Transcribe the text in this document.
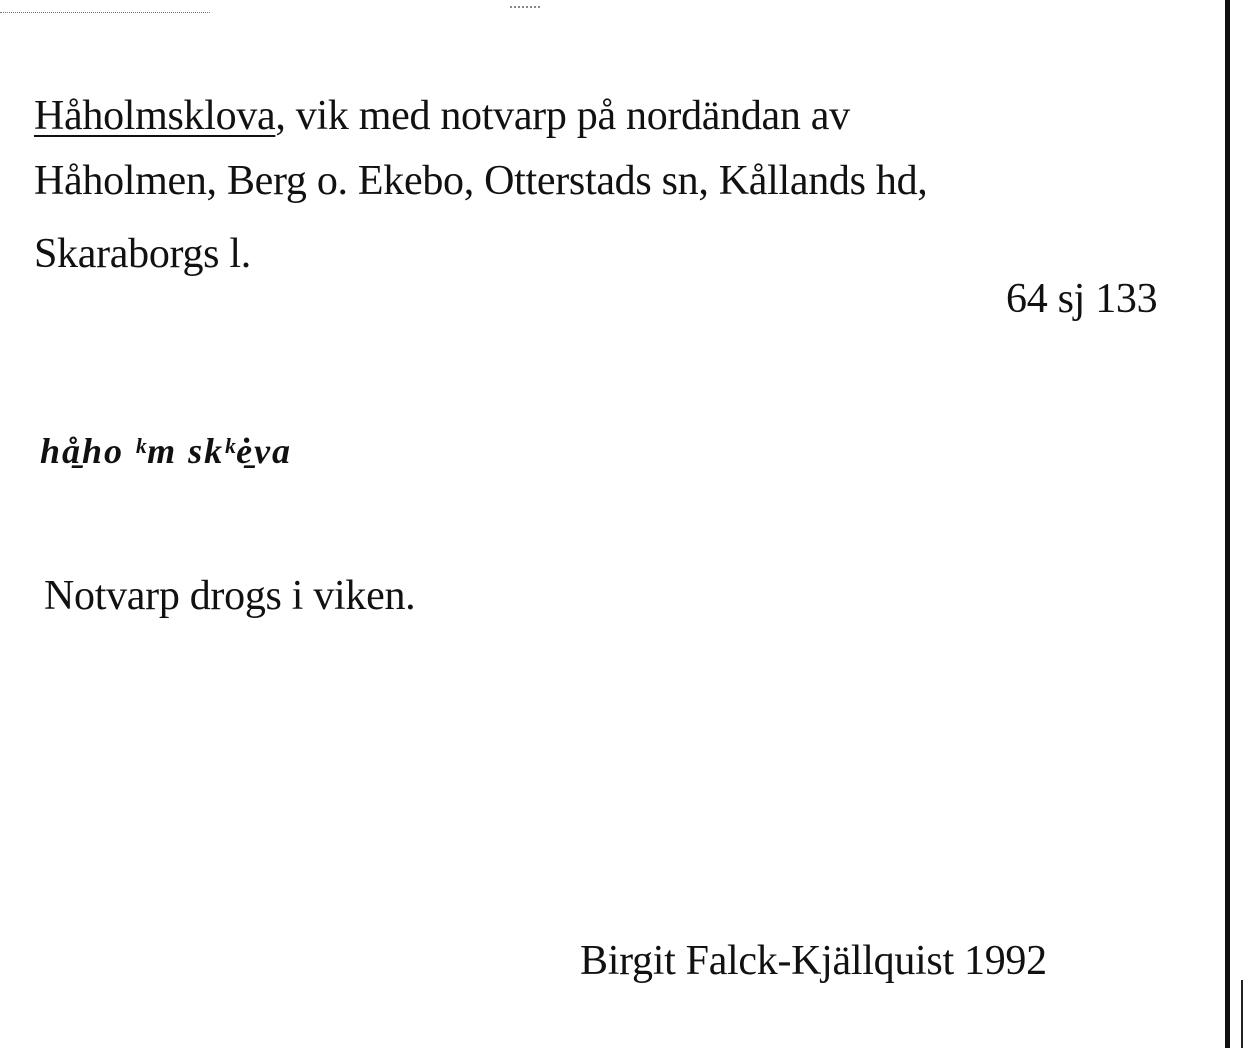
Håholmsklova, vik med notvarp på nordändan av
Håholmen, Berg o. Ekebo, Otterstads sn, Kållands hd,
Skaraborgs l.
64 sj 133
hå̱ho ᵏm skᵏė̱va
Notvarp drogs i viken.
Birgit Falck-Kjällquist 1992
